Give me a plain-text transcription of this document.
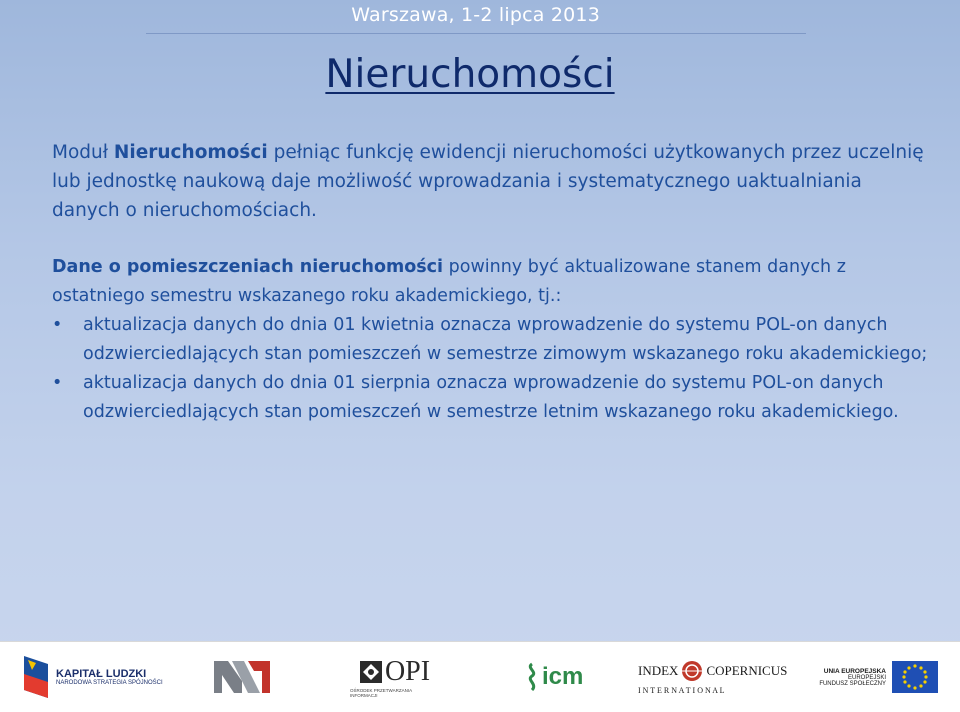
Warszawa, 1-2 lipca 2013
Nieruchomości
Moduł Nieruchomości pełniąc funkcję ewidencji nieruchomości użytkowanych przez uczelnię lub jednostkę naukową daje możliwość wprowadzania i systematycznego uaktualniania danych o nieruchomościach.
Dane o pomieszczeniach nieruchomości powinny być aktualizowane stanem danych z ostatniego semestru wskazanego roku akademickiego, tj.:
• aktualizacja danych do dnia 01 kwietnia oznacza wprowadzenie do systemu POL-on danych odzwierciedlających stan pomieszczeń w semestrze zimowym wskazanego roku akademickiego;
• aktualizacja danych do dnia 01 sierpnia oznacza wprowadzenie do systemu POL-on danych odzwierciedlających stan pomieszczeń w semestrze letnim wskazanego roku akademickiego.
KAPITAŁ LUDZKI
NARODOWA STRATEGIA SPÓJNOŚCI	OPI
OŚRODEK PRZETWARZANIA INFORMACJI
icm	INDEX COPERNICUS
I N T E R N A T I O N A L
UNIA EUROPEJSKA
EUROPEJSKI
FUNDUSZ SPOŁECZNY
